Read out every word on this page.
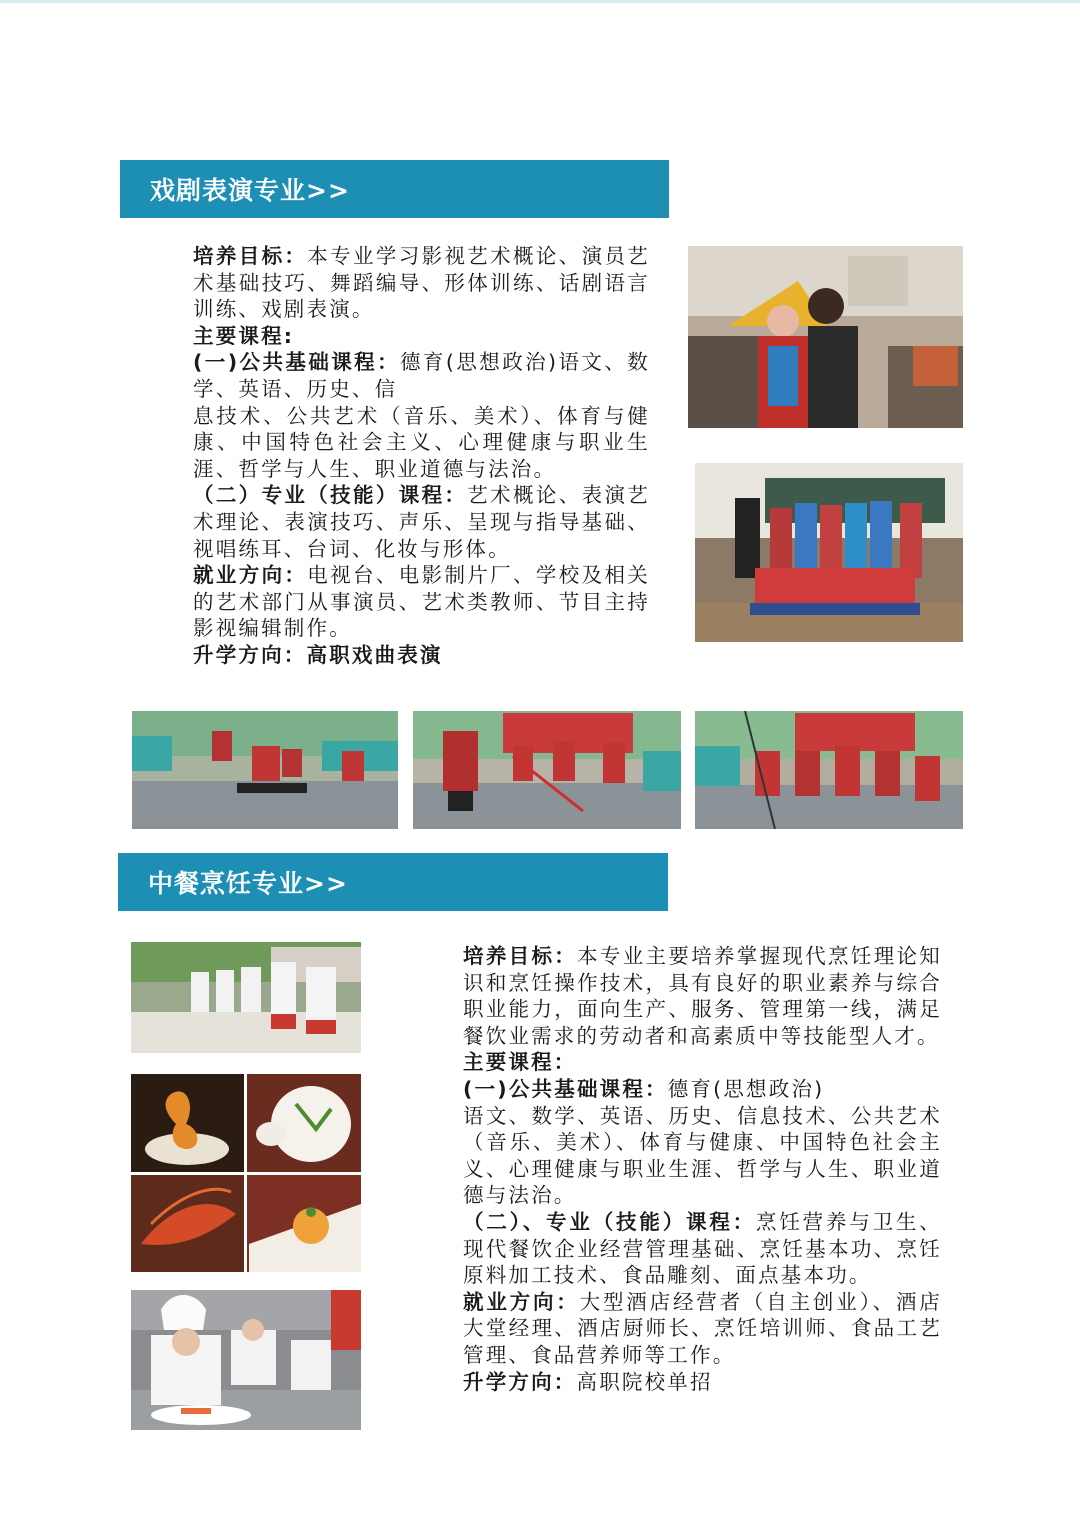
戏剧表演专业>>

培养目标：本专业学习影视艺术概论、演员艺术基础技巧、舞蹈编导、形体训练、话剧语言训练、戏剧表演。

主要课程:

(一)公共基础课程：德育(思想政治)语文、数学、英语、历史、信

息技术、公共艺术（音乐、美术）、体育与健康、中国特色社会主义、心理健康与职业生涯、哲学与人生、职业道德与法治。

（二）专业（技能）课程：艺术概论、表演艺术理论、表演技巧、声乐、呈现与指导基础、视唱练耳、台词、化妆与形体。

就业方向：电视台、电影制片厂、学校及相关的艺术部门从事演员、艺术类教师、节目主持影视编辑制作。

升学方向：高职戏曲表演

中餐烹饪专业>>

培养目标：本专业主要培养掌握现代烹饪理论知识和烹饪操作技术，具有良好的职业素养与综合职业能力，面向生产、服务、管理第一线，满足餐饮业需求的劳动者和高素质中等技能型人才。

主要课程：

(一)公共基础课程：德育(思想政治)

语文、数学、英语、历史、信息技术、公共艺术（音乐、美术）、体育与健康、中国特色社会主义、心理健康与职业生涯、哲学与人生、职业道德与法治。

（二）、专业（技能）课程：烹饪营养与卫生、现代餐饮企业经营管理基础、烹饪基本功、烹饪原料加工技术、食品雕刻、面点基本功。

就业方向：大型酒店经营者（自主创业）、酒店大堂经理、酒店厨师长、烹饪培训师、食品工艺管理、食品营养师等工作。

升学方向：高职院校单招
